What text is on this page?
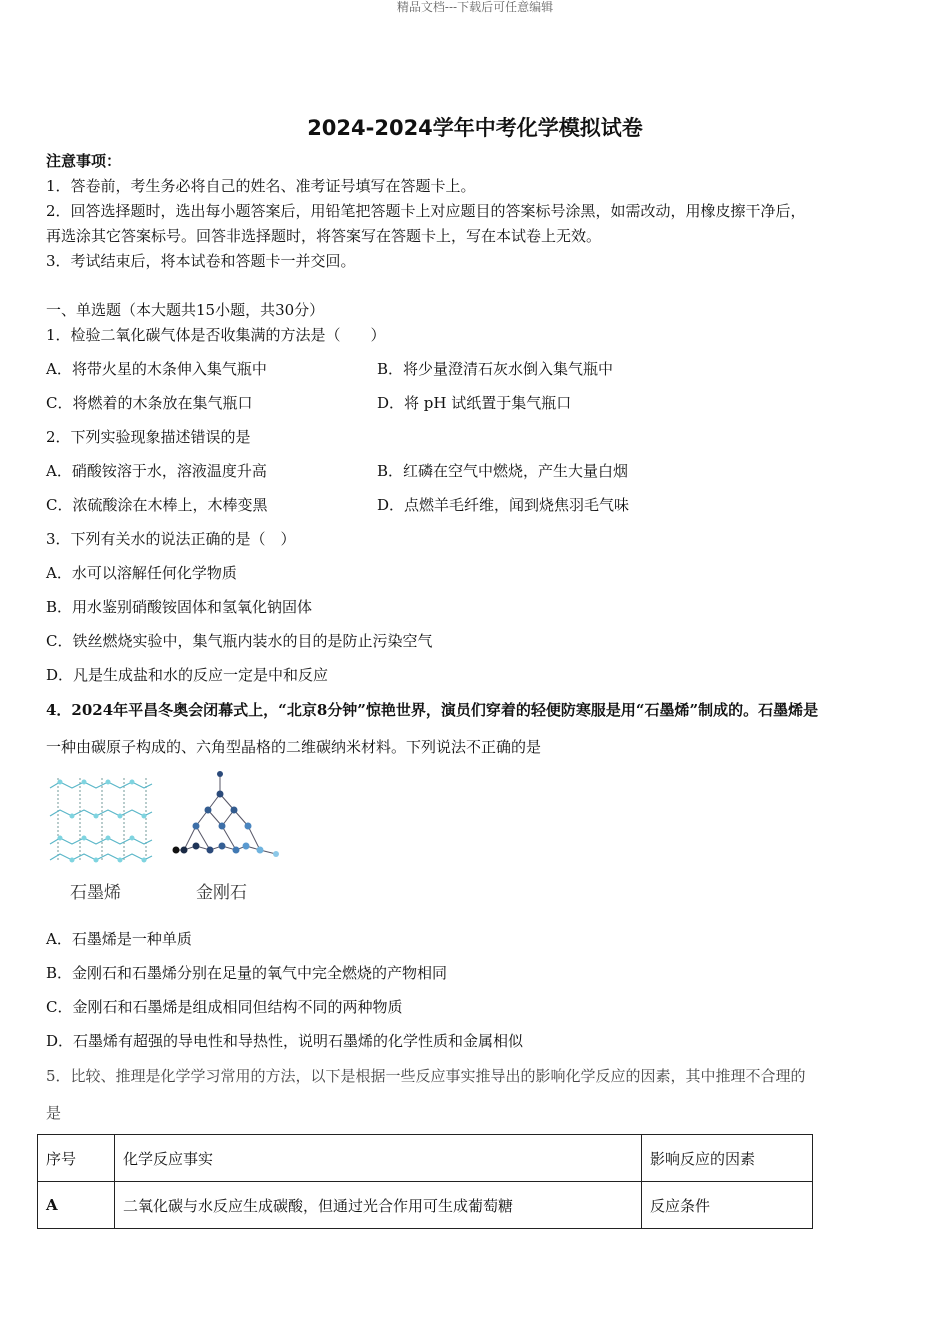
精品文档---下载后可任意编辑
2024-2024学年中考化学模拟试卷
注意事项：
1．答卷前，考生务必将自己的姓名、准考证号填写在答题卡上。
2．回答选择题时，选出每小题答案后，用铅笔把答题卡上对应题目的答案标号涂黑，如需改动，用橡皮擦干净后，
再选涂其它答案标号。回答非选择题时，将答案写在答题卡上，写在本试卷上无效。
3．考试结束后，将本试卷和答题卡一并交回。
一、单选题（本大题共15小题，共30分）
1．检验二氧化碳气体是否收集满的方法是（　　）
A．将带火星的木条伸入集气瓶中	B．将少量澄清石灰水倒入集气瓶中
C．将燃着的木条放在集气瓶口	D．将 pH 试纸置于集气瓶口
2．下列实验现象描述错误的是
A．硝酸铵溶于水，溶液温度升高	B．红磷在空气中燃烧，产生大量白烟
C．浓硫酸涂在木棒上，木棒变黑	D．点燃羊毛纤维，闻到烧焦羽毛气味
3．下列有关水的说法正确的是（　）
A．水可以溶解任何化学物质
B．用水鉴别硝酸铵固体和氢氧化钠固体
C．铁丝燃烧实验中，集气瓶内装水的目的是防止污染空气
D．凡是生成盐和水的反应一定是中和反应
4．2024年平昌冬奥会闭幕式上，“北京8分钟”惊艳世界，演员们穿着的轻便防寒服是用“石墨烯”制成的。石墨烯是
一种由碳原子构成的、六角型晶格的二维碳纳米材料。下列说法不正确的是
石墨烯	金刚石
A．石墨烯是一种单质
B．金刚石和石墨烯分别在足量的氧气中完全燃烧的产物相同
C．金刚石和石墨烯是组成相同但结构不同的两种物质
D．石墨烯有超强的导电性和导热性，说明石墨烯的化学性质和金属相似
5．比较、推理是化学学习常用的方法，以下是根据一些反应事实推导出的影响化学反应的因素，其中推理不合理的
是
序号	化学反应事实	影响反应的因素
A	二氧化碳与水反应生成碳酸，但通过光合作用可生成葡萄糖	反应条件
